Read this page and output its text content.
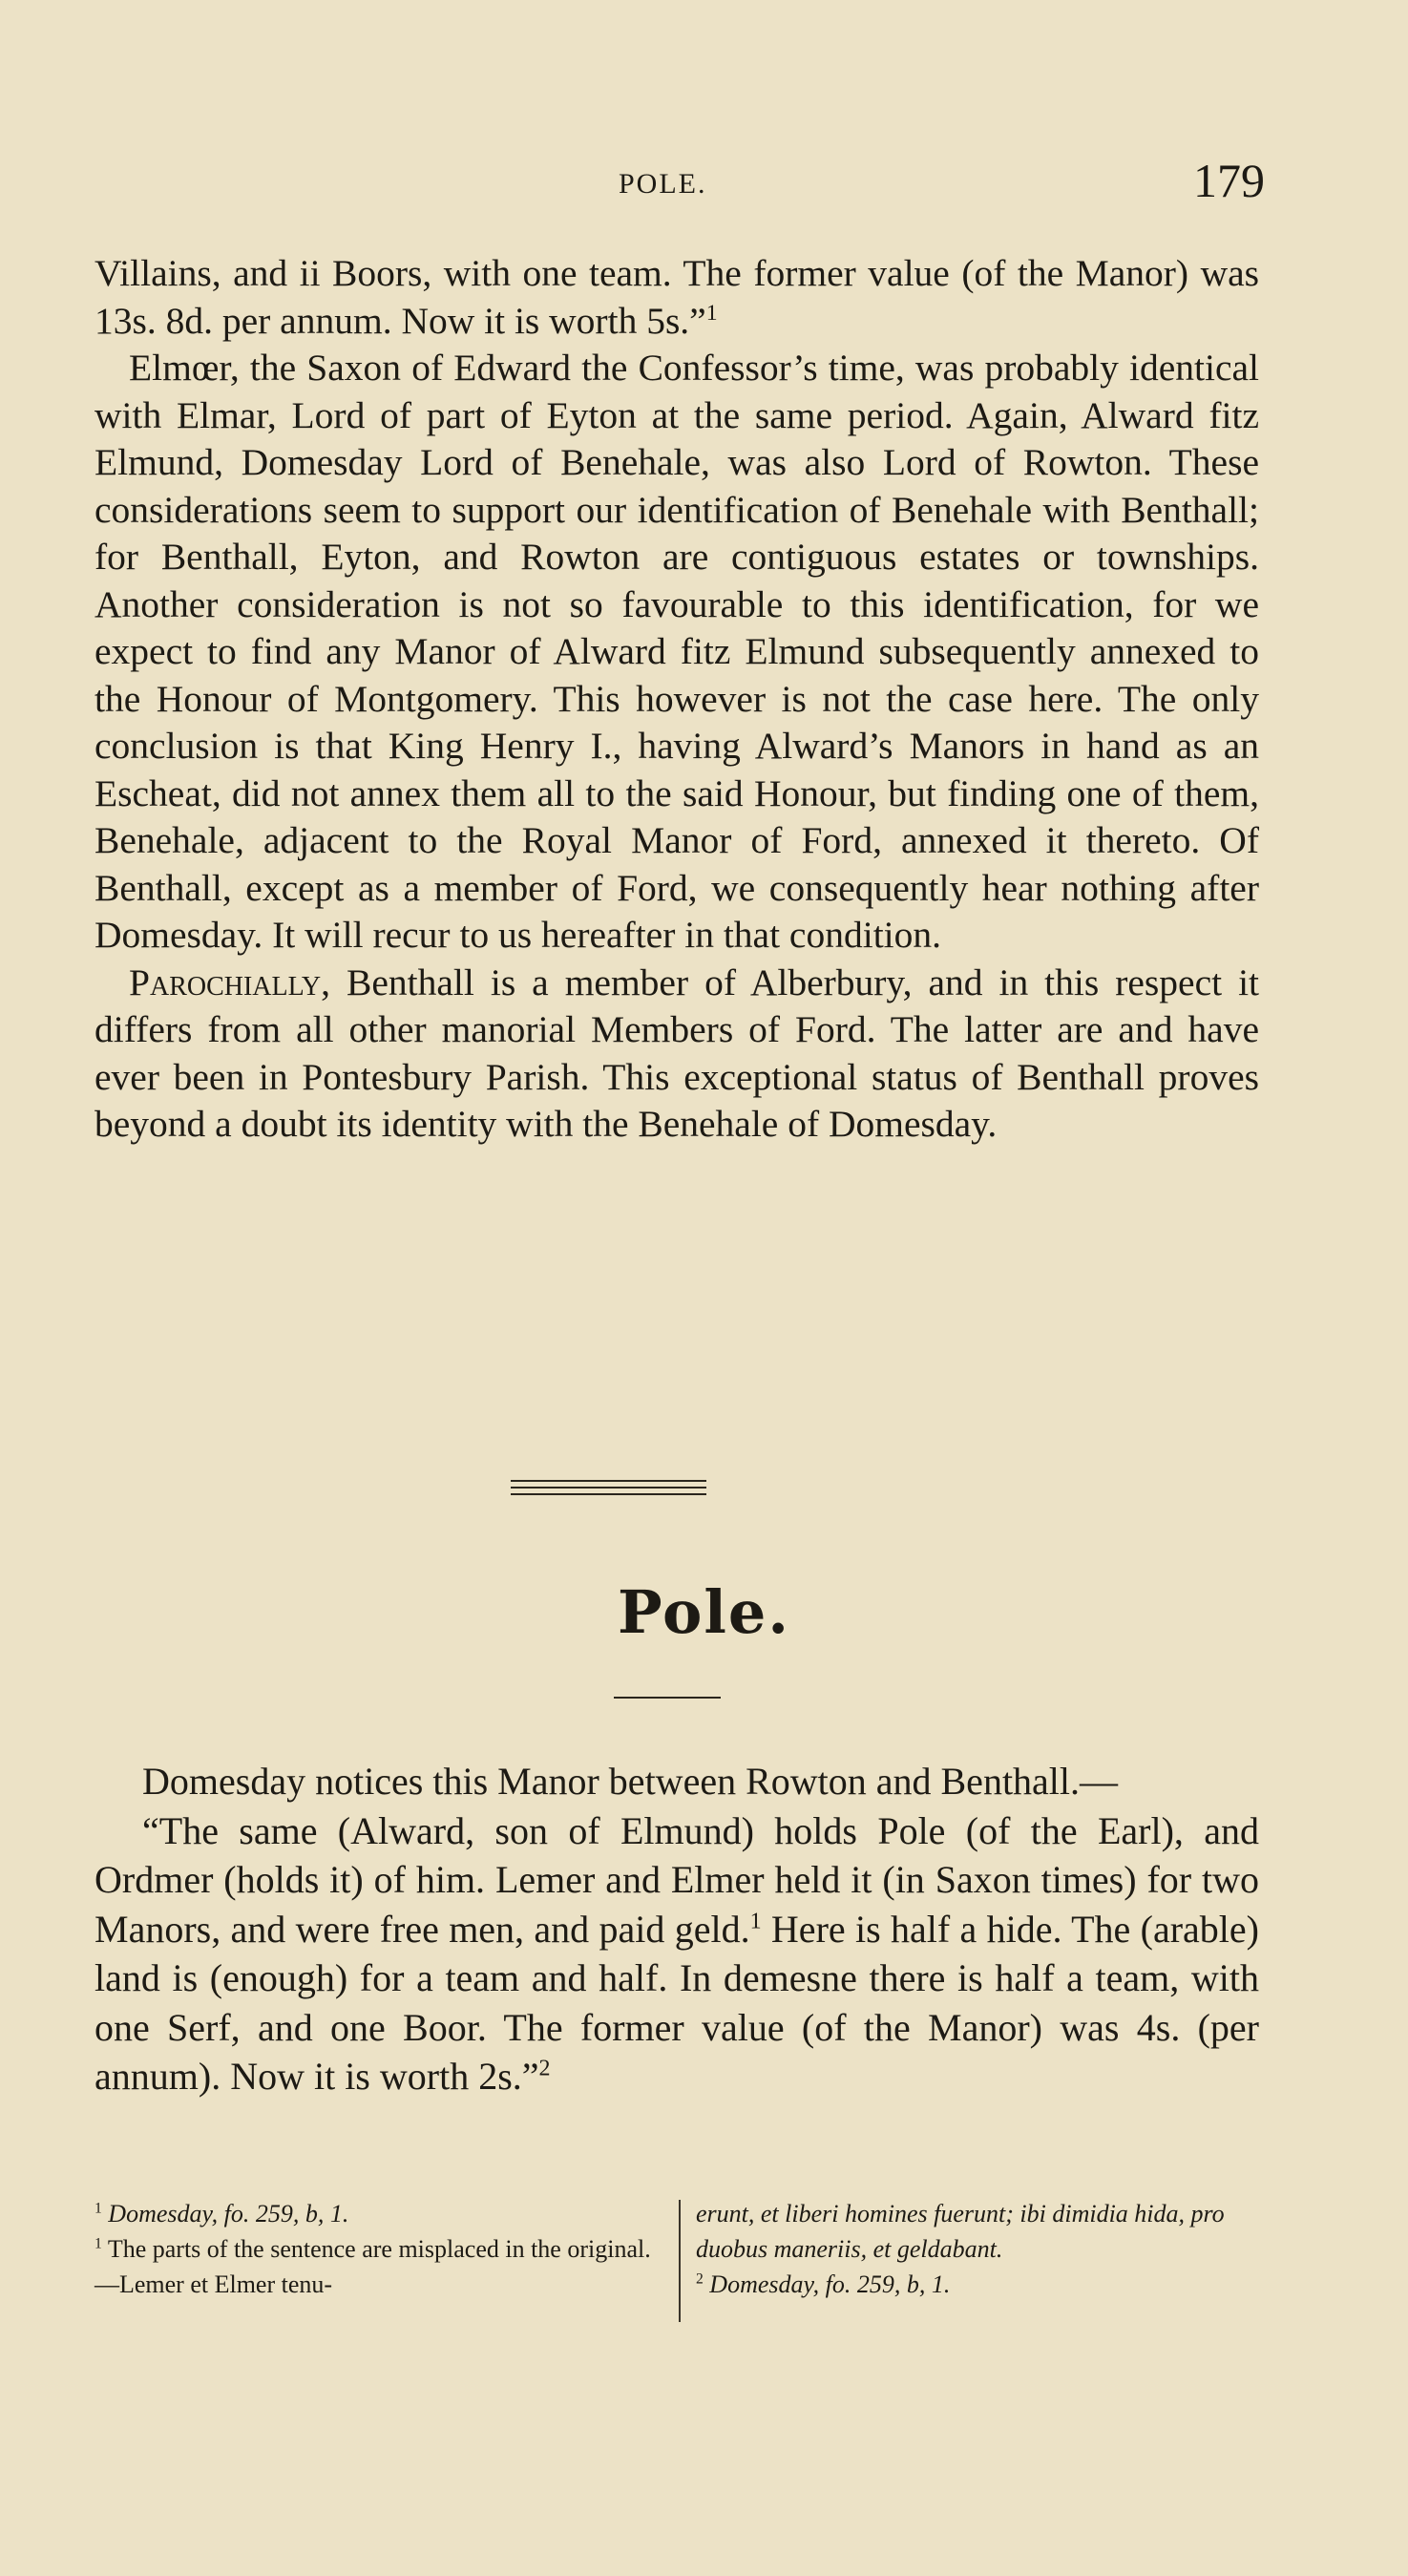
POLE.	179

Villains, and ii Boors, with one team. The former value (of the Manor) was 13s. 8d. per annum. Now it is worth 5s.”$^1$

Elmœr, the Saxon of Edward the Confessor’s time, was probably identical with Elmar, Lord of part of Eyton at the same period. Again, Alward fitz Elmund, Domesday Lord of Benehale, was also Lord of Rowton. These considerations seem to support our identification of Benehale with Benthall; for Benthall, Eyton, and Rowton are contiguous estates or townships. Another consideration is not so favourable to this identification, for we expect to find any Manor of Alward fitz Elmund subsequently annexed to the Honour of Montgomery. This however is not the case here. The only conclusion is that King Henry I., having Alward’s Manors in hand as an Escheat, did not annex them all to the said Honour, but finding one of them, Benehale, adjacent to the Royal Manor of Ford, annexed it thereto. Of Benthall, except as a member of Ford, we consequently hear nothing after Domesday. It will recur to us hereafter in that condition.

Parochially, Benthall is a member of Alberbury, and in this respect it differs from all other manorial Members of Ford. The latter are and have ever been in Pontesbury Parish. This exceptional status of Benthall proves beyond a doubt its identity with the Benehale of Domesday.

Pole.

Domesday notices this Manor between Rowton and Benthall.—

“The same (Alward, son of Elmund) holds Pole (of the Earl), and Ordmer (holds it) of him. Lemer and Elmer held it (in Saxon times) for two Manors, and were free men, and paid geld.$^1$ Here is half a hide. The (arable) land is (enough) for a team and half. In demesne there is half a team, with one Serf, and one Boor. The former value (of the Manor) was 4s. (per annum). Now it is worth 2s.”$^2$

$^1$ Domesday, fo. 259, b, 1.

$^1$ The parts of the sentence are misplaced in the original.—Lemer et Elmer tenu-

erunt, et liberi homines fuerunt; ibi dimidia hida, pro duobus maneriis, et geldabant.

$^2$ Domesday, fo. 259, b, 1.
